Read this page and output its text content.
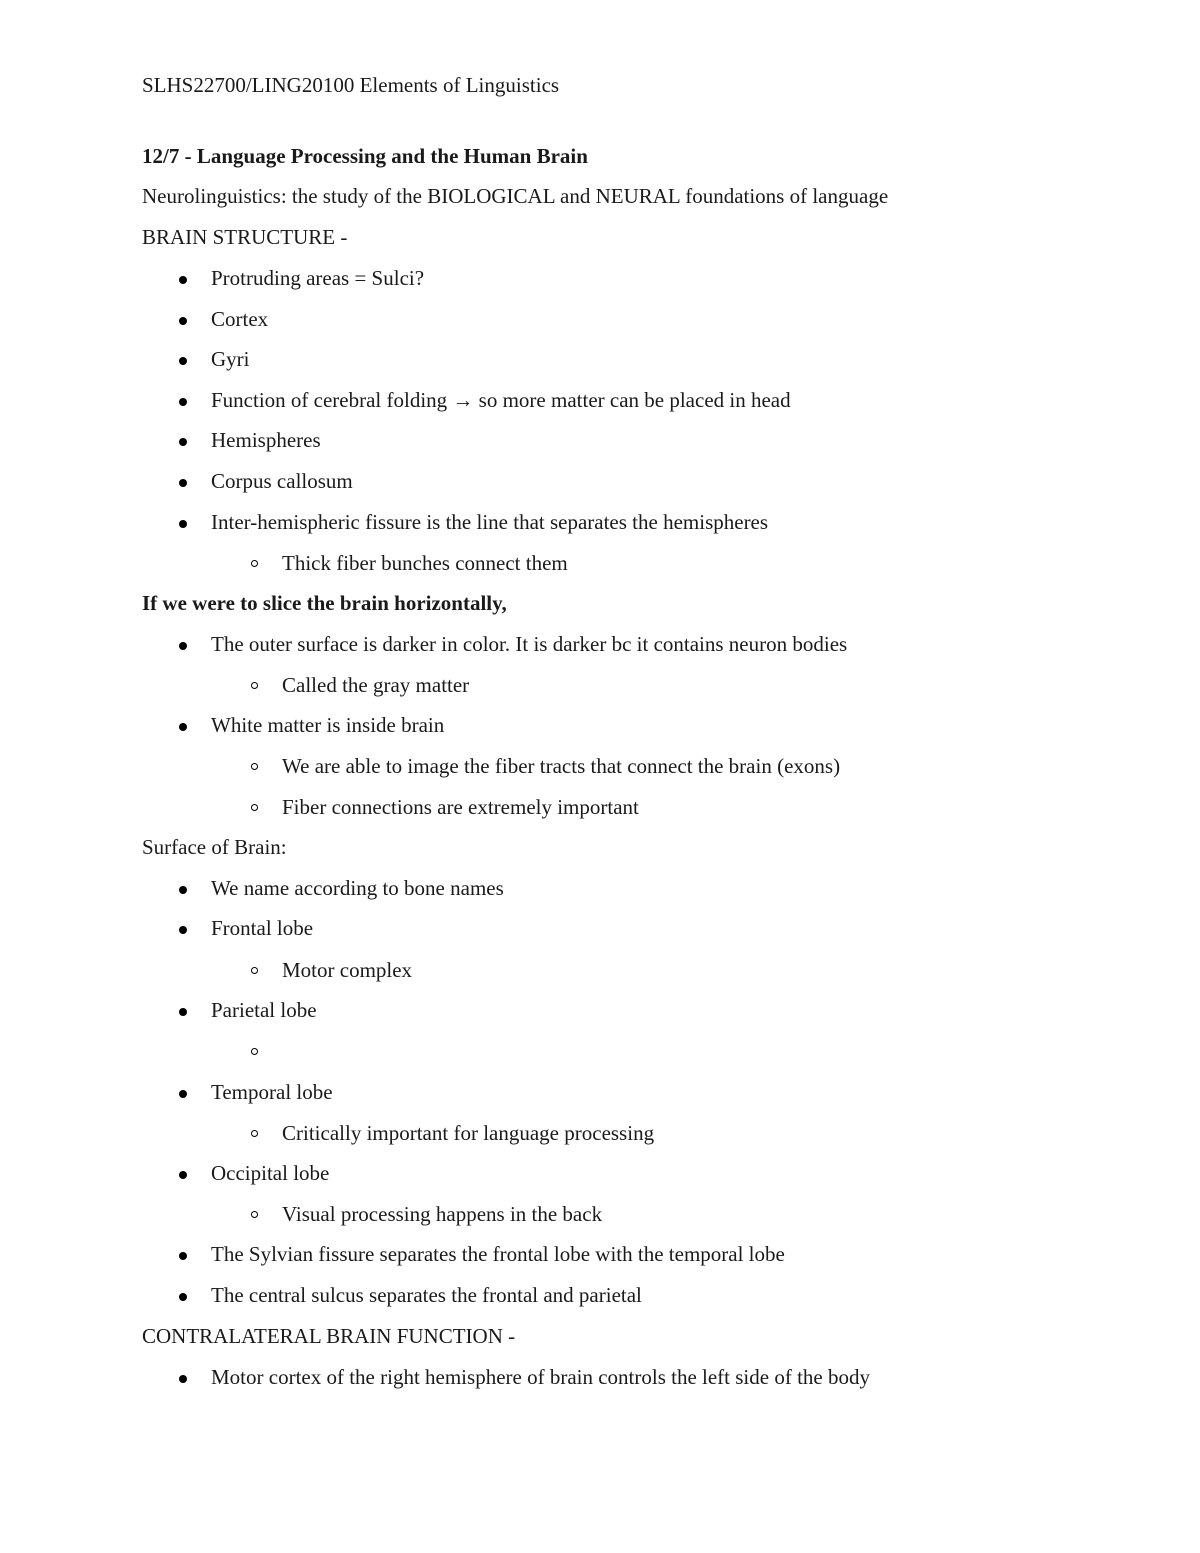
SLHS22700/LING20100 Elements of Linguistics
12/7 - Language Processing and the Human Brain
Neurolinguistics: the study of the BIOLOGICAL and NEURAL foundations of language
BRAIN STRUCTURE -
Protruding areas = Sulci?
Cortex
Gyri
Function of cerebral folding → so more matter can be placed in head
Hemispheres
Corpus callosum
Inter-hemispheric fissure is the line that separates the hemispheres
Thick fiber bunches connect them
If we were to slice the brain horizontally,
The outer surface is darker in color. It is darker bc it contains neuron bodies
Called the gray matter
White matter is inside brain
We are able to image the fiber tracts that connect the brain (exons)
Fiber connections are extremely important
Surface of Brain:
We name according to bone names
Frontal lobe
Motor complex
Parietal lobe
Temporal lobe
Critically important for language processing
Occipital lobe
Visual processing happens in the back
The Sylvian fissure separates the frontal lobe with the temporal lobe
The central sulcus separates the frontal and parietal
CONTRALATERAL BRAIN FUNCTION -
Motor cortex of the right hemisphere of brain controls the left side of the body
